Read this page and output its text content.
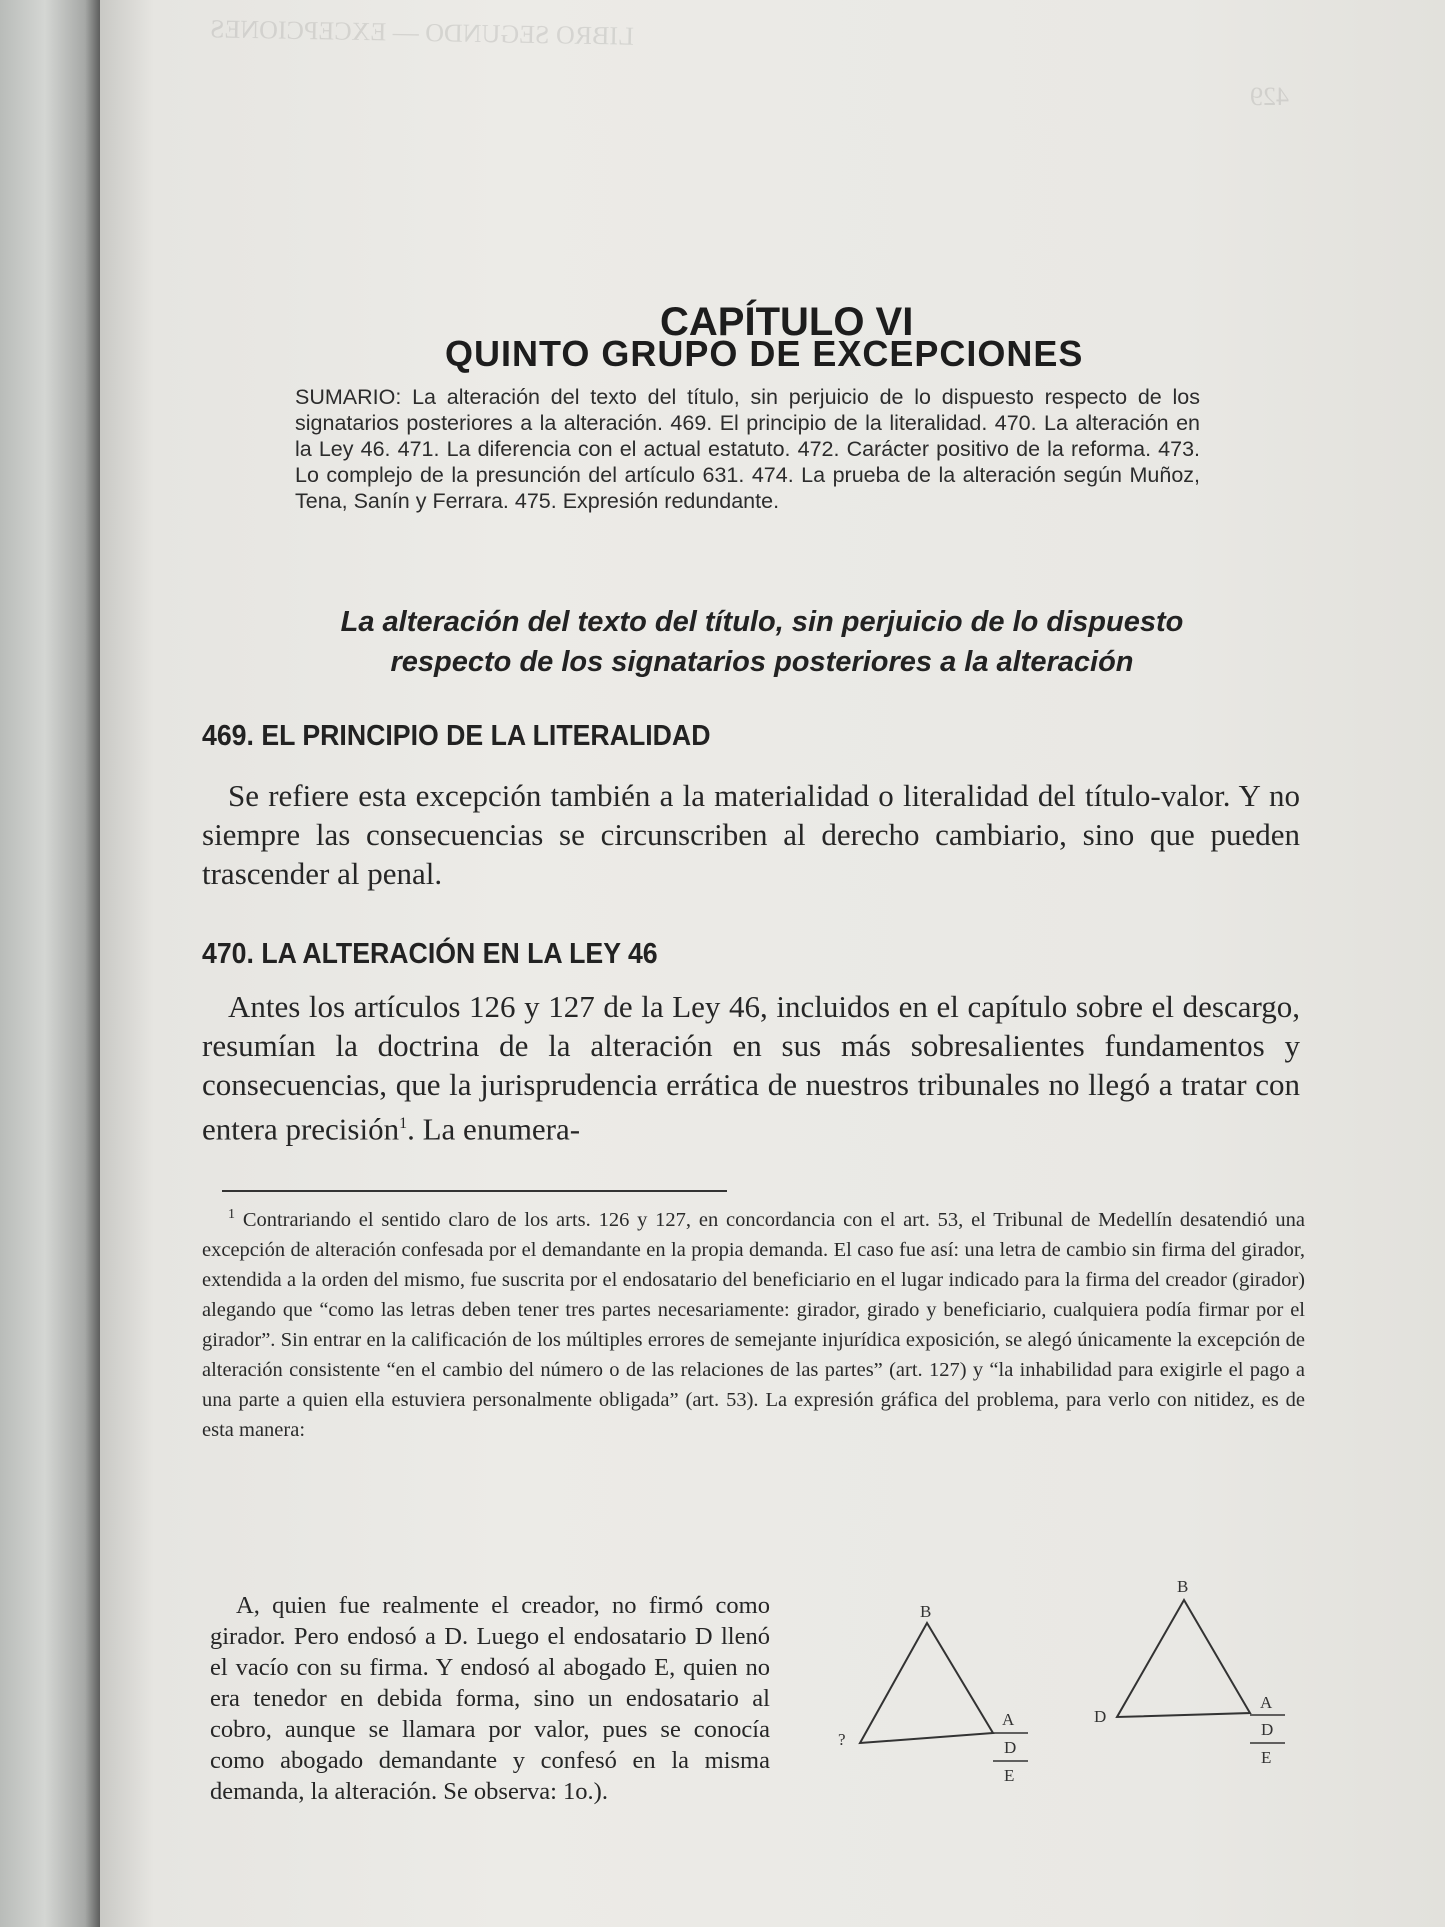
LIBRO SEGUNDO — EXCEPCIONES
429
CAPÍTULO VI
QUINTO GRUPO DE EXCEPCIONES
SUMARIO: La alteración del texto del título, sin perjuicio de lo dispuesto respecto de los signatarios posteriores a la alteración. 469. El principio de la literalidad. 470. La alteración en la Ley 46. 471. La diferencia con el actual estatuto. 472. Carácter positivo de la reforma. 473. Lo complejo de la presunción del artículo 631. 474. La prueba de la alteración según Muñoz, Tena, Sanín y Ferrara. 475. Expresión redundante.
La alteración del texto del título, sin perjuicio de lo dispuesto
respecto de los signatarios posteriores a la alteración
469. EL PRINCIPIO DE LA LITERALIDAD
Se refiere esta excepción también a la materialidad o literalidad del título-valor. Y no siempre las consecuencias se circunscriben al derecho cambiario, sino que pueden trascender al penal.
470. LA ALTERACIÓN EN LA LEY 46
Antes los artículos 126 y 127 de la Ley 46, incluidos en el capítulo sobre el descargo, resumían la doctrina de la alteración en sus más sobresalientes fundamentos y consecuencias, que la jurisprudencia errática de nuestros tribunales no llegó a tratar con entera precisión$^1$. La enumera-
$^1$ Contrariando el sentido claro de los arts. 126 y 127, en concordancia con el art. 53, el Tribunal de Medellín desatendió una excepción de alteración confesada por el demandante en la propia demanda. El caso fue así: una letra de cambio sin firma del girador, extendida a la orden del mismo, fue suscrita por el endosatario del beneficiario en el lugar indicado para la firma del creador (girador) alegando que “como las letras deben tener tres partes necesariamente: girador, girado y beneficiario, cualquiera podía firmar por el girador”. Sin entrar en la calificación de los múltiples errores de semejante injurídica exposición, se alegó únicamente la excepción de alteración consistente “en el cambio del número o de las relaciones de las partes” (art. 127) y “la inhabilidad para exigirle el pago a una parte a quien ella estuviera personalmente obligada” (art. 53). La expresión gráfica del problema, para verlo con nitidez, es de esta manera:
A, quien fue realmente el creador, no firmó como girador. Pero endosó a D. Luego el endosatario D llenó el vacío con su firma. Y endosó al abogado E, quien no era tenedor en debida forma, sino un endosatario al cobro, aunque se llamara por valor, pues se conocía como abogado demandante y confesó en la misma demanda, la alteración. Se observa: 1o.).
B
?
A
D
E
B
D
A
D
E
